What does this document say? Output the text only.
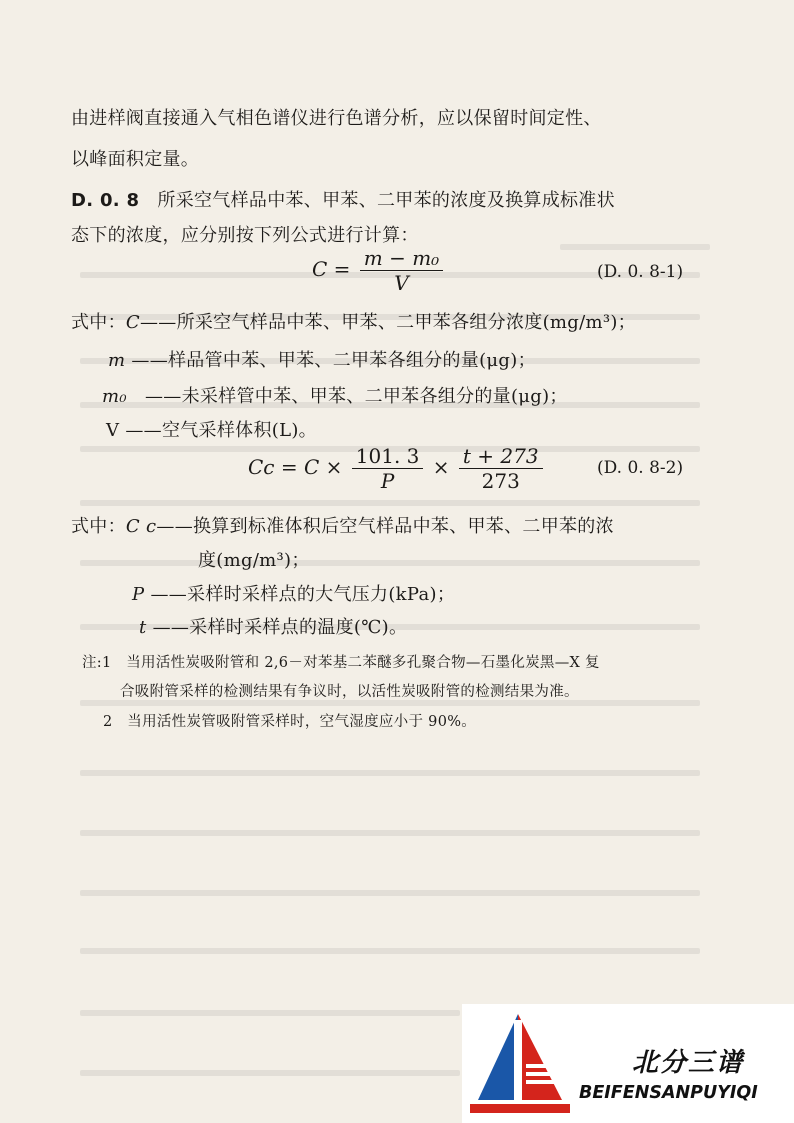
由进样阀直接通入气相色谱仪进行色谱分析，应以保留时间定性、
以峰面积定量。
D. 0. 8 所采空气样品中苯、甲苯、二甲苯的浓度及换算成标准状
态下的浓度，应分别按下列公式进行计算：
$C = \frac{\text{m − m₀}}{V}$	(D. 0. 8-1)
式中：C——所采空气样品中苯、甲苯、二甲苯各组分浓度(mg/m³)；
m ——样品管中苯、甲苯、二甲苯各组分的量(μg)；
m₀ ——未采样管中苯、甲苯、二甲苯各组分的量(μg)；
V ——空气采样体积(L)。
$Cc = C \times \frac{101. 3}{P} \times \frac{t + 273}{273}$	(D. 0. 8-2)
式中：C c——换算到标准体积后空气样品中苯、甲苯、二甲苯的浓
度(mg/m³)；
P ——采样时采样点的大气压力(kPa)；
t ——采样时采样点的温度(℃)。
注:1 当用活性炭吸附管和 2,6－对苯基二苯醚多孔聚合物—石墨化炭黑—X 复
合吸附管采样的检测结果有争议时，以活性炭吸附管的检测结果为准。
2 当用活性炭管吸附管采样时，空气湿度应小于 90%。
北分三谱
BEIFENSANPUYIQI
